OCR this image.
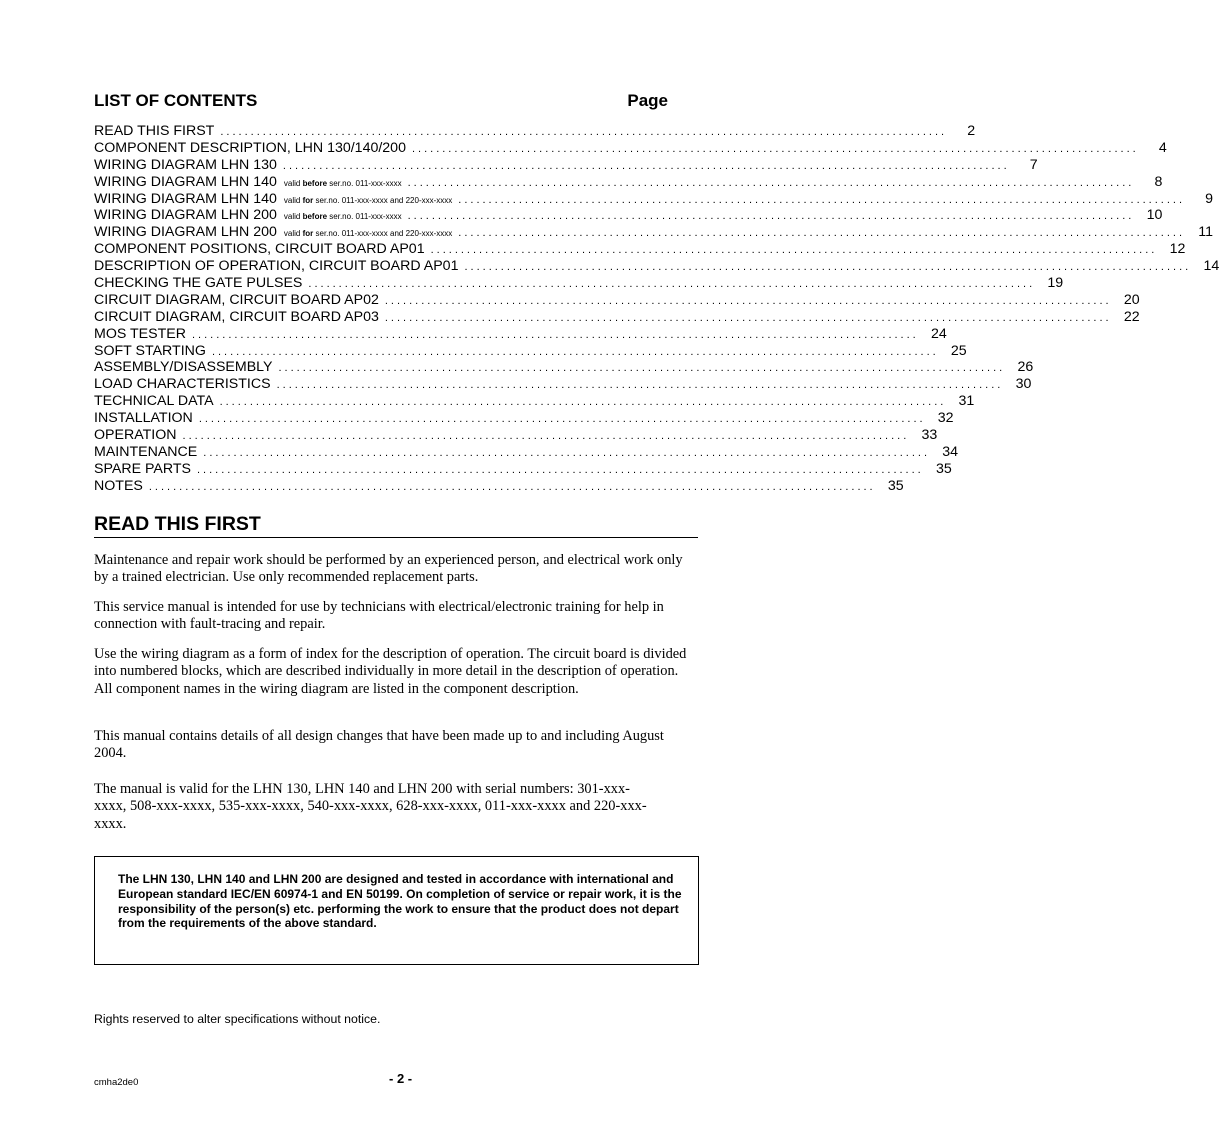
LIST OF CONTENTS	Page
READ THIS FIRST ........................................................................................................................	2
COMPONENT DESCRIPTION, LHN 130/140/200 ........................................................................................................................	4
WIRING DIAGRAM LHN 130 ........................................................................................................................	7
WIRING DIAGRAM LHN 140 valid before ser.no. 011-xxx-xxxx ........................................................................................................................	8
WIRING DIAGRAM LHN 140 valid for ser.no. 011-xxx-xxxx and 220-xxx-xxxx ........................................................................................................................	9
WIRING DIAGRAM LHN 200 valid before ser.no. 011-xxx-xxxx ........................................................................................................................ 10
WIRING DIAGRAM LHN 200 valid for ser.no. 011-xxx-xxxx and 220-xxx-xxxx ........................................................................................................................ 11
COMPONENT POSITIONS, CIRCUIT BOARD AP01 ........................................................................................................................ 12
DESCRIPTION OF OPERATION, CIRCUIT BOARD AP01 ........................................................................................................................ 14
CHECKING THE GATE PULSES ........................................................................................................................ 19
CIRCUIT DIAGRAM, CIRCUIT BOARD AP02 ........................................................................................................................ 20
CIRCUIT DIAGRAM, CIRCUIT BOARD AP03 ........................................................................................................................ 22
MOS TESTER ........................................................................................................................ 24
SOFT STARTING ........................................................................................................................ 25
ASSEMBLY/DISASSEMBLY ........................................................................................................................ 26
LOAD CHARACTERISTICS ........................................................................................................................ 30
TECHNICAL DATA ........................................................................................................................ 31
INSTALLATION ........................................................................................................................ 32
OPERATION ........................................................................................................................ 33
MAINTENANCE ........................................................................................................................ 34
SPARE PARTS ........................................................................................................................ 35
NOTES ........................................................................................................................ 35
READ THIS FIRST

Maintenance and repair work should be performed by an experienced person, and electrical work only by a trained electrician. Use only recommended replacement parts.

This service manual is intended for use by technicians with electrical/electronic training for help in connection with fault-tracing and repair.

Use the wiring diagram as a form of index for the description of operation. The circuit board is divided into numbered blocks, which are described individually in more detail in the description of operation. All component names in the wiring diagram are listed in the component description.

This manual contains details of all design changes that have been made up to and including August 2004.

The manual is valid for the LHN 130, LHN 140 and LHN 200 with serial numbers: 301-xxx-xxxx, 508-xxx-xxxx, 535-xxx-xxxx, 540-xxx-xxxx, 628-xxx-xxxx, 011-xxx-xxxx and 220-xxx-xxxx.

The LHN 130, LHN 140 and LHN 200 are designed and tested in accordance with international and European standard IEC/EN 60974-1 and EN 50199. On completion of service or repair work, it is the responsibility of the person(s) etc. performing the work to ensure that the product does not depart from the requirements of the above standard.

Rights reserved to alter specifications without notice.

cmha2de0	- 2 -
